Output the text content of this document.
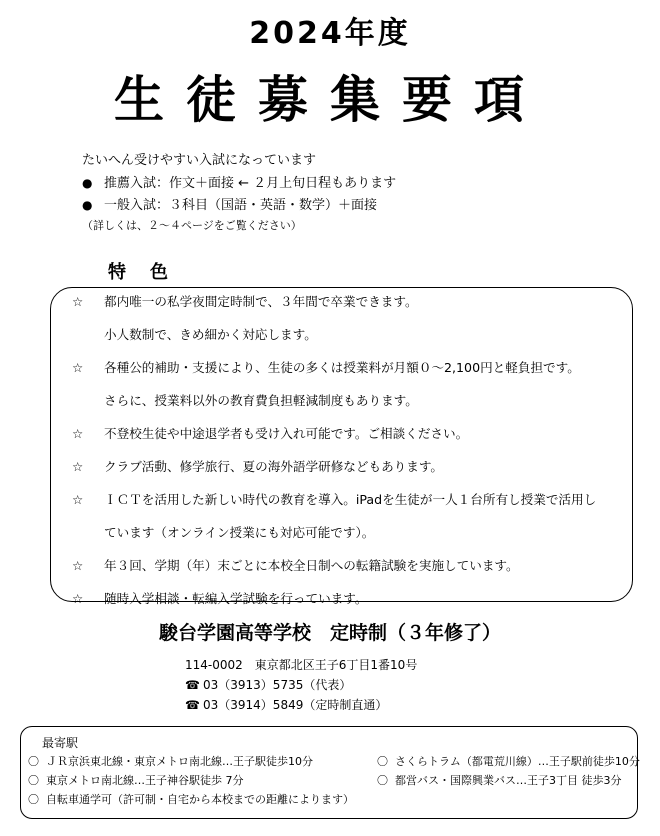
2024年度
生徒募集要項
たいへん受けやすい入試になっています
● 推薦入試：作文＋面接 ← ２月上旬日程もあります
● 一般入試：３科目（国語・英語・数学）＋面接
（詳しくは、２～４ページをご覧ください）
特色
☆ 都内唯一の私学夜間定時制で、３年間で卒業できます。
小人数制で、きめ細かく対応します。
☆ 各種公的補助・支援により、生徒の多くは授業料が月額０～2,100円と軽負担です。
さらに、授業料以外の教育費負担軽減制度もあります。
☆ 不登校生徒や中途退学者も受け入れ可能です。ご相談ください。
☆ クラブ活動、修学旅行、夏の海外語学研修などもあります。
☆ ＩＣＴを活用した新しい時代の教育を導入。iPadを生徒が一人１台所有し授業で活用し
ています（オンライン授業にも対応可能です）。
☆ 年３回、学期（年）末ごとに本校全日制への転籍試験を実施しています。
☆ 随時入学相談・転編入学試験を行っています。
駿台学園高等学校　定時制（３年修了）
114-0002　東京都北区王子6丁目1番10号
☎ 03（3913）5735（代表）
☎ 03（3914）5849（定時制直通）
最寄駅
〇 ＪＲ京浜東北線・東京メトロ南北線…王子駅徒歩10分
〇 東京メトロ南北線…王子神谷駅徒歩 7分
〇 自転車通学可（許可制・自宅から本校までの距離によります）
〇 さくらトラム（都電荒川線）…王子駅前徒歩10分
〇 都営バス・国際興業バス…王子3丁目 徒歩3分
